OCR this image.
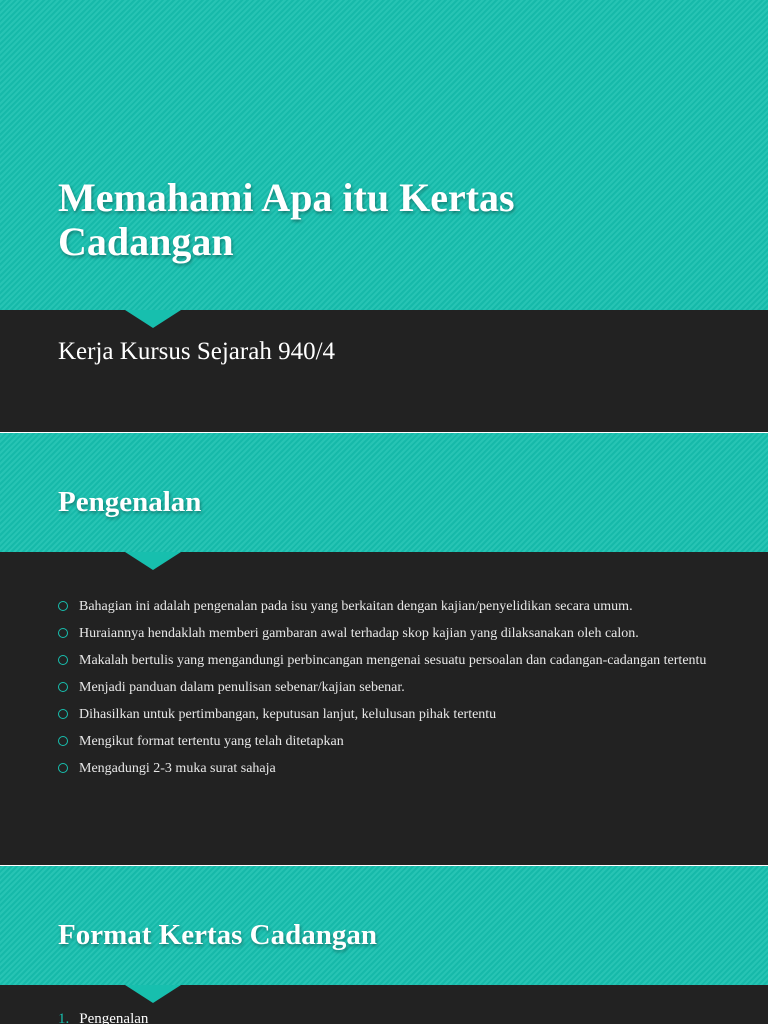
Memahami Apa itu Kertas Cadangan
Kerja Kursus Sejarah 940/4
Pengenalan
Bahagian ini adalah pengenalan pada isu yang berkaitan dengan kajian/penyelidikan secara umum.
Huraiannya hendaklah memberi gambaran awal terhadap skop kajian yang dilaksanakan oleh calon.
Makalah bertulis yang mengandungi perbincangan mengenai sesuatu persoalan dan cadangan-cadangan tertentu
Menjadi panduan dalam penulisan sebenar/kajian sebenar.
Dihasilkan untuk pertimbangan, keputusan lanjut, kelulusan pihak tertentu
Mengikut format tertentu yang telah ditetapkan
Mengadungi 2-3 muka surat sahaja
Format Kertas Cadangan
1. Pengenalan
